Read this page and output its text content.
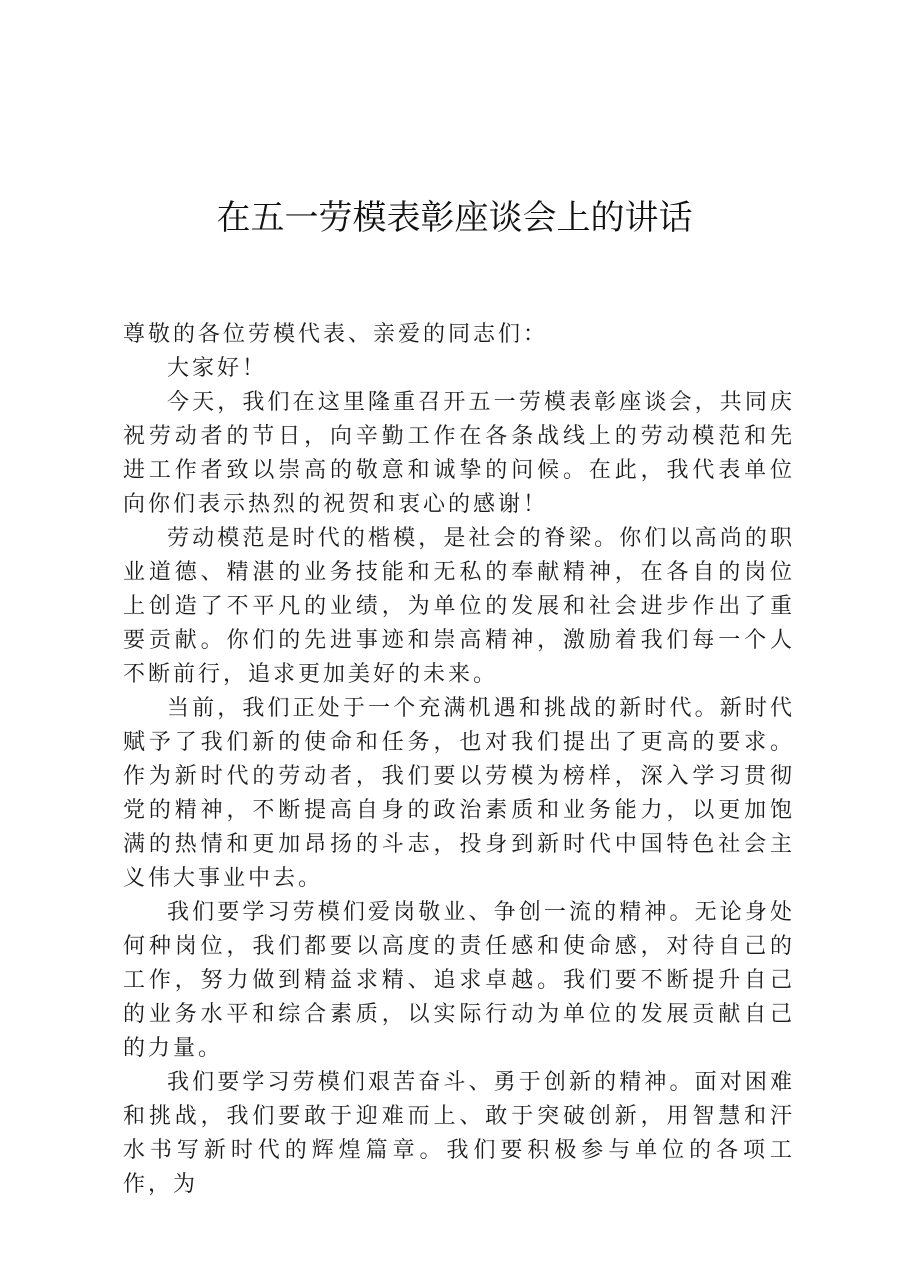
在五一劳模表彰座谈会上的讲话

尊敬的各位劳模代表、亲爱的同志们：

大家好！

今天，我们在这里隆重召开五一劳模表彰座谈会，共同庆祝劳动者的节日，向辛勤工作在各条战线上的劳动模范和先进工作者致以崇高的敬意和诚挚的问候。在此，我代表单位向你们表示热烈的祝贺和衷心的感谢！

劳动模范是时代的楷模，是社会的脊梁。你们以高尚的职业道德、精湛的业务技能和无私的奉献精神，在各自的岗位上创造了不平凡的业绩，为单位的发展和社会进步作出了重要贡献。你们的先进事迹和崇高精神，激励着我们每一个人不断前行，追求更加美好的未来。

当前，我们正处于一个充满机遇和挑战的新时代。新时代赋予了我们新的使命和任务，也对我们提出了更高的要求。作为新时代的劳动者，我们要以劳模为榜样，深入学习贯彻党的精神，不断提高自身的政治素质和业务能力，以更加饱满的热情和更加昂扬的斗志，投身到新时代中国特色社会主义伟大事业中去。

我们要学习劳模们爱岗敬业、争创一流的精神。无论身处何种岗位，我们都要以高度的责任感和使命感，对待自己的工作，努力做到精益求精、追求卓越。我们要不断提升自己的业务水平和综合素质，以实际行动为单位的发展贡献自己的力量。

我们要学习劳模们艰苦奋斗、勇于创新的精神。面对困难和挑战，我们要敢于迎难而上、敢于突破创新，用智慧和汗水书写新时代的辉煌篇章。我们要积极参与单位的各项工作，为
